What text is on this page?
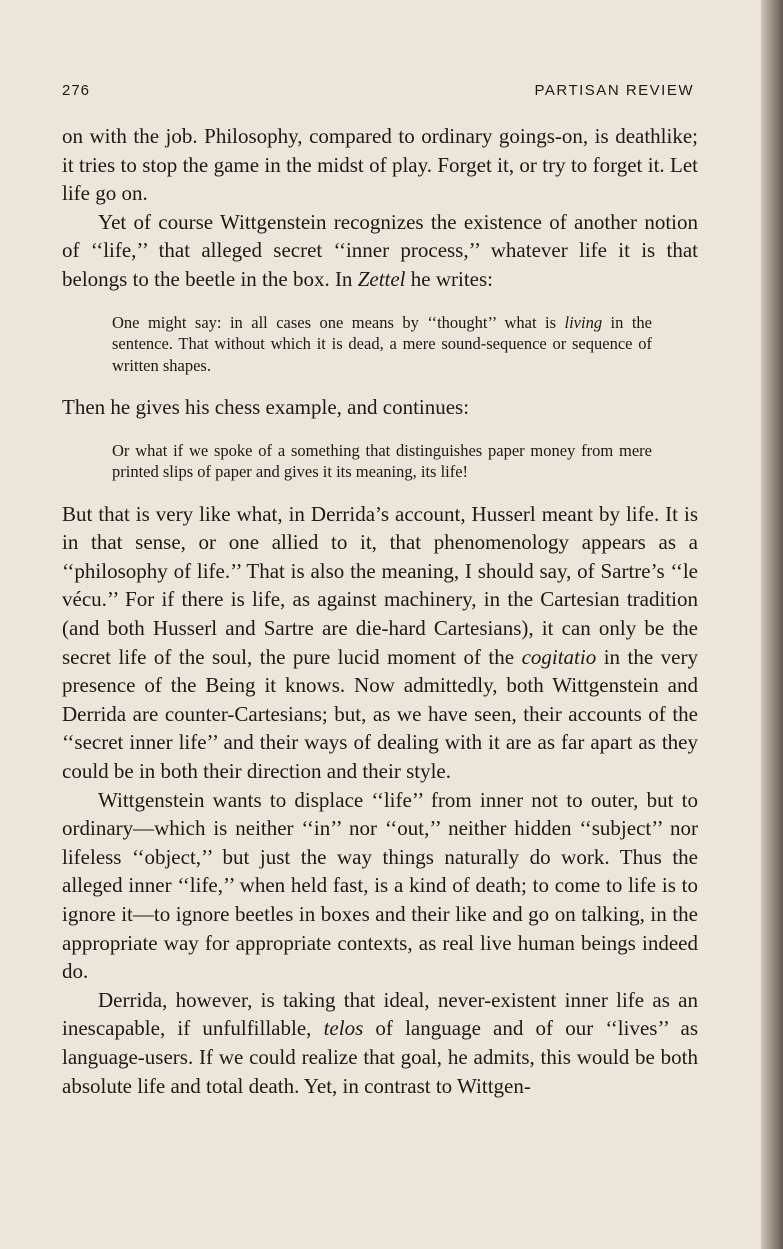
276	PARTISAN REVIEW

on with the job. Philosophy, compared to ordinary goings-on, is deathlike; it tries to stop the game in the midst of play. Forget it, or try to forget it. Let life go on.

Yet of course Wittgenstein recognizes the existence of another notion of ‘‘life,’’ that alleged secret ‘‘inner process,’’ whatever life it is that belongs to the beetle in the box. In Zettel he writes:

One might say: in all cases one means by ‘‘thought’’ what is living in the sentence. That without which it is dead, a mere sound-sequence or sequence of written shapes.

Then he gives his chess example, and continues:

Or what if we spoke of a something that distinguishes paper money from mere printed slips of paper and gives it its meaning, its life!

But that is very like what, in Derrida’s account, Husserl meant by life. It is in that sense, or one allied to it, that phenomenology appears as a ‘‘philosophy of life.’’ That is also the meaning, I should say, of Sartre’s ‘‘le vécu.’’ For if there is life, as against machinery, in the Cartesian tradition (and both Husserl and Sartre are die-hard Cartesians), it can only be the secret life of the soul, the pure lucid moment of the cogitatio in the very presence of the Being it knows. Now admittedly, both Wittgenstein and Derrida are counter-Cartesians; but, as we have seen, their accounts of the ‘‘secret inner life’’ and their ways of dealing with it are as far apart as they could be in both their direction and their style.

Wittgenstein wants to displace ‘‘life’’ from inner not to outer, but to ordinary—which is neither ‘‘in’’ nor ‘‘out,’’ neither hidden ‘‘subject’’ nor lifeless ‘‘object,’’ but just the way things naturally do work. Thus the alleged inner ‘‘life,’’ when held fast, is a kind of death; to come to life is to ignore it—to ignore beetles in boxes and their like and go on talking, in the appropriate way for appropriate contexts, as real live human beings indeed do.

Derrida, however, is taking that ideal, never-existent inner life as an inescapable, if unfulfillable, telos of language and of our ‘‘lives’’ as language-users. If we could realize that goal, he admits, this would be both absolute life and total death. Yet, in contrast to Wittgen-
